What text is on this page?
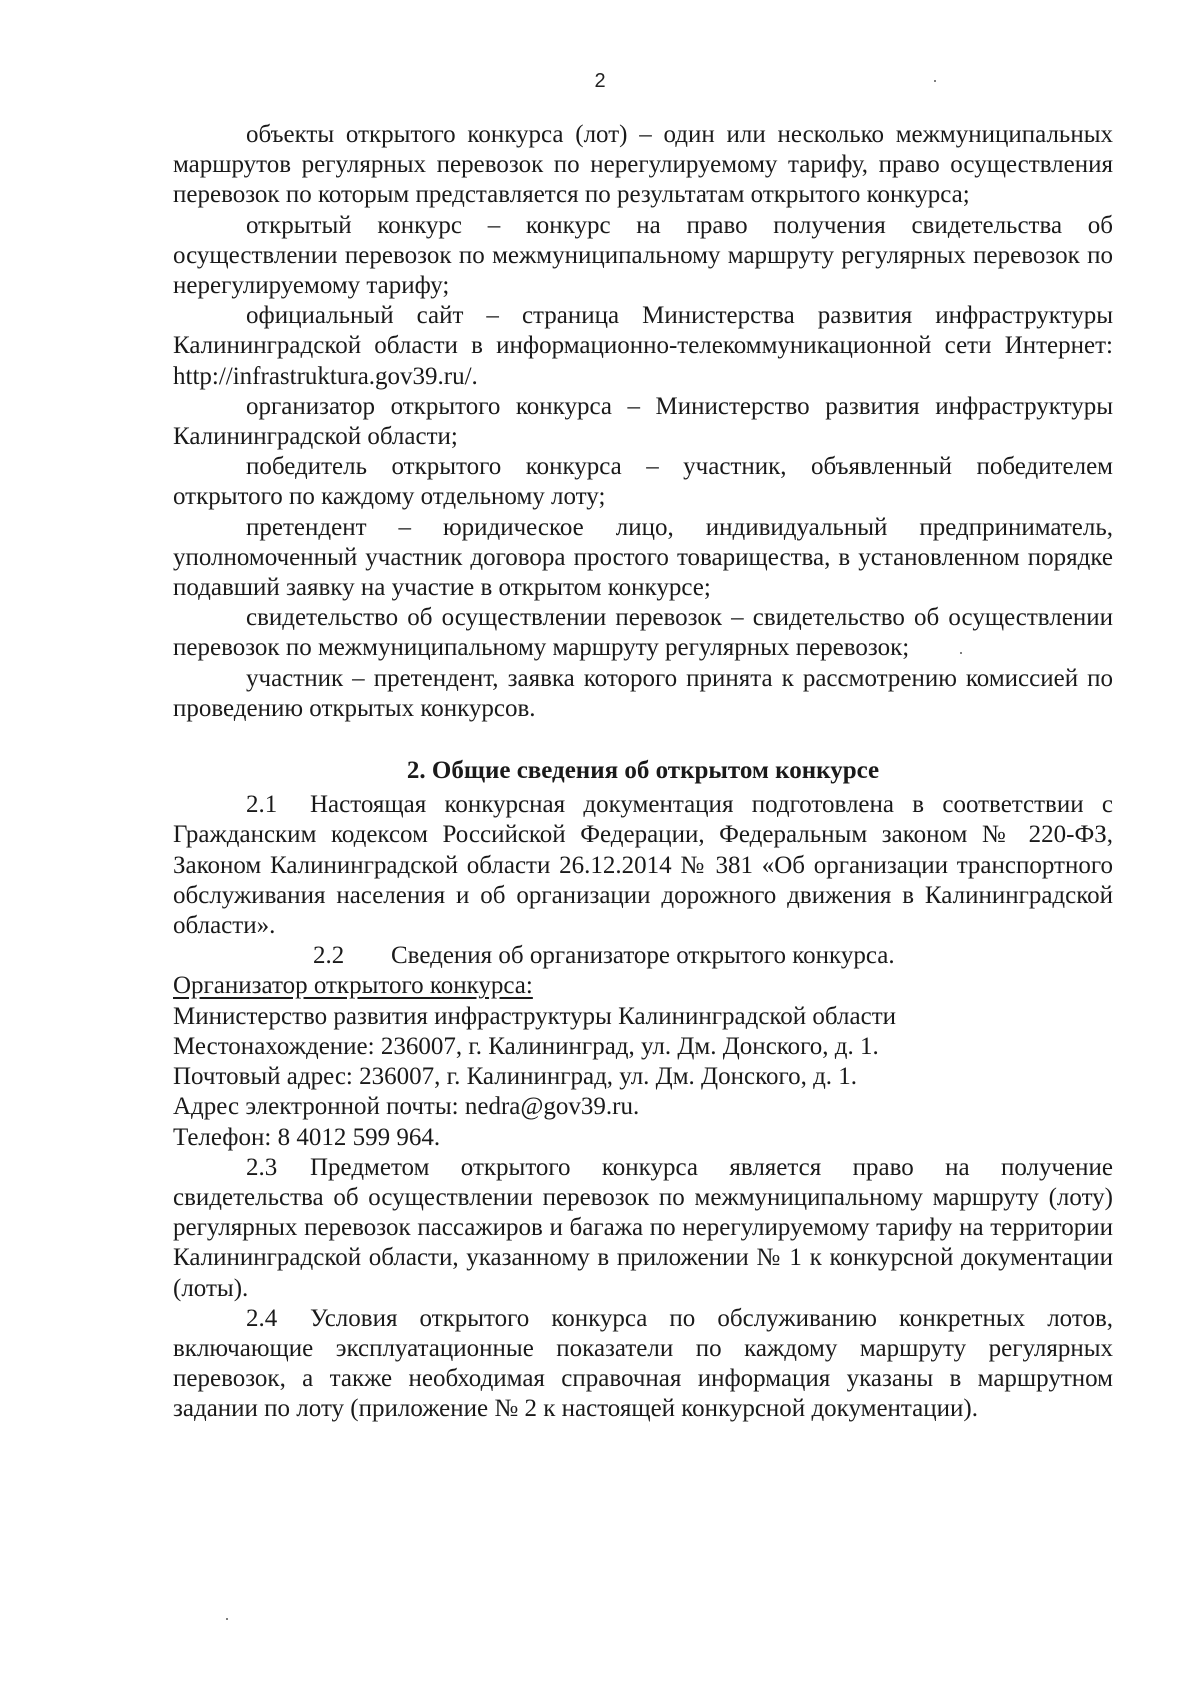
2

объекты открытого конкурса (лот) – один или несколько межмуниципальных маршрутов регулярных перевозок по нерегулируемому тарифу, право осуществления перевозок по которым представляется по результатам открытого конкурса;

открытый конкурс – конкурс на право получения свидетельства об осуществлении перевозок по межмуниципальному маршруту регулярных перевозок по нерегулируемому тарифу;

официальный сайт – страница Министерства развития инфраструктуры Калининградской области в информационно-телекоммуникационной сети Интернет: http://infrastruktura.gov39.ru/.

организатор открытого конкурса – Министерство развития инфраструктуры Калининградской области;

победитель открытого конкурса – участник, объявленный победителем открытого по каждому отдельному лоту;

претендент – юридическое лицо, индивидуальный предприниматель, уполномоченный участник договора простого товарищества, в установленном порядке подавший заявку на участие в открытом конкурсе;

свидетельство об осуществлении перевозок – свидетельство об осуществлении перевозок по межмуниципальному маршруту регулярных перевозок;

участник – претендент, заявка которого принята к рассмотрению комиссией по проведению открытых конкурсов.

2. Общие сведения об открытом конкурсе

2.1 Настоящая конкурсная документация подготовлена в соответствии с Гражданским кодексом Российской Федерации, Федеральным законом № 220-ФЗ, Законом Калининградской области 26.12.2014 № 381 «Об организации транспортного обслуживания населения и об организации дорожного движения в Калининградской области».

2.2 Сведения об организаторе открытого конкурса.

Организатор открытого конкурса:

Министерство развития инфраструктуры Калининградской области

Местонахождение: 236007, г. Калининград, ул. Дм. Донского, д. 1.

Почтовый адрес: 236007, г. Калининград, ул. Дм. Донского, д. 1.

Адрес электронной почты: nedra@gov39.ru.

Телефон: 8 4012 599 964.

2.3 Предметом открытого конкурса является право на получение свидетельства об осуществлении перевозок по межмуниципальному маршруту (лоту) регулярных перевозок пассажиров и багажа по нерегулируемому тарифу на территории Калининградской области, указанному в приложении № 1 к конкурсной документации (лоты).

2.4 Условия открытого конкурса по обслуживанию конкретных лотов, включающие эксплуатационные показатели по каждому маршруту регулярных перевозок, а также необходимая справочная информация указаны в маршрутном задании по лоту (приложение № 2 к настоящей конкурсной документации).
